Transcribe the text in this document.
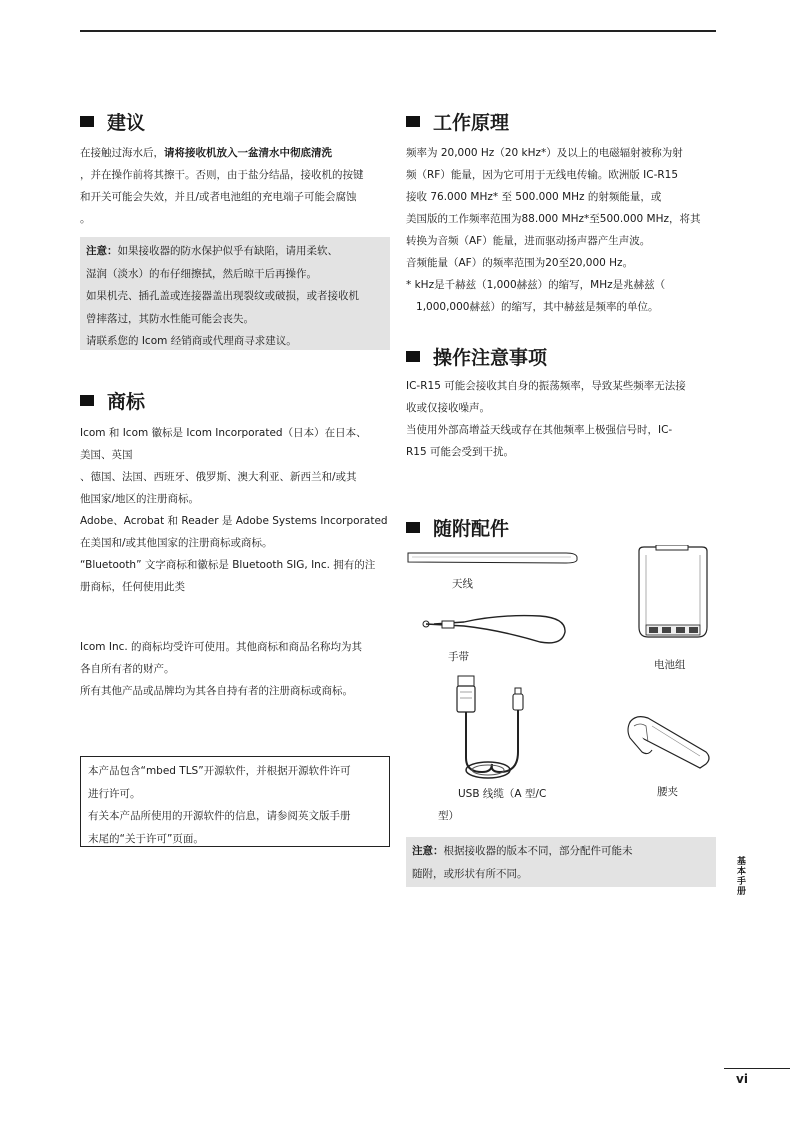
建议
在接触过海水后，请将接收机放入一盆清水中彻底清洗
，并在操作前将其擦干。否则，由于盐分结晶，接收机的按键
和开关可能会失效，并且/或者电池组的充电端子可能会腐蚀
。
注意：如果接收器的防水保护似乎有缺陷，请用柔软、
湿润（淡水）的布仔细擦拭，然后晾干后再操作。
如果机壳、插孔盖或连接器盖出现裂纹或破损，或者接收机
曾摔落过，其防水性能可能会丧失。
请联系您的 Icom 经销商或代理商寻求建议。
商标
Icom 和 Icom 徽标是 Icom Incorporated（日本）在日本、
美国、英国
、德国、法国、西班牙、俄罗斯、澳大利亚、新西兰和/或其
他国家/地区的注册商标。
Adobe、Acrobat 和 Reader 是 Adobe Systems Incorporated
在美国和/或其他国家的注册商标或商标。
“Bluetooth” 文字商标和徽标是 Bluetooth SIG, Inc. 拥有的注
册商标，任何使用此类
Icom Inc. 的商标均受许可使用。其他商标和商品名称均为其
各自所有者的财产。
所有其他产品或品牌均为其各自持有者的注册商标或商标。
本产品包含“mbed TLS”开源软件，并根据开源软件许可
进行许可。
有关本产品所使用的开源软件的信息，请参阅英文版手册
末尾的“关于许可”页面。
工作原理
频率为 20,000 Hz（20 kHz*）及以上的电磁辐射被称为射
频（RF）能量，因为它可用于无线电传输。欧洲版 IC-R15
接收 76.000 MHz* 至 500.000 MHz 的射频能量，或
美国版的工作频率范围为88.000 MHz*至500.000 MHz，将其
转换为音频（AF）能量，进而驱动扬声器产生声波。
音频能量（AF）的频率范围为20至20,000 Hz。
* kHz是千赫兹（1,000赫兹）的缩写，MHz是兆赫兹（
1,000,000赫兹）的缩写，其中赫兹是频率的单位。
操作注意事项
IC-R15 可能会接收其自身的振荡频率，导致某些频率无法接
收或仅接收噪声。
当使用外部高增益天线或存在其他频率上极强信号时，IC-
R15 可能会受到干扰。
随附配件
天线
手带
电池组
USB 线缆（A 型/C
型）
腰夹
注意：根据接收器的版本不同，部分配件可能未
随附，或形状有所不同。	基本手册
vi
